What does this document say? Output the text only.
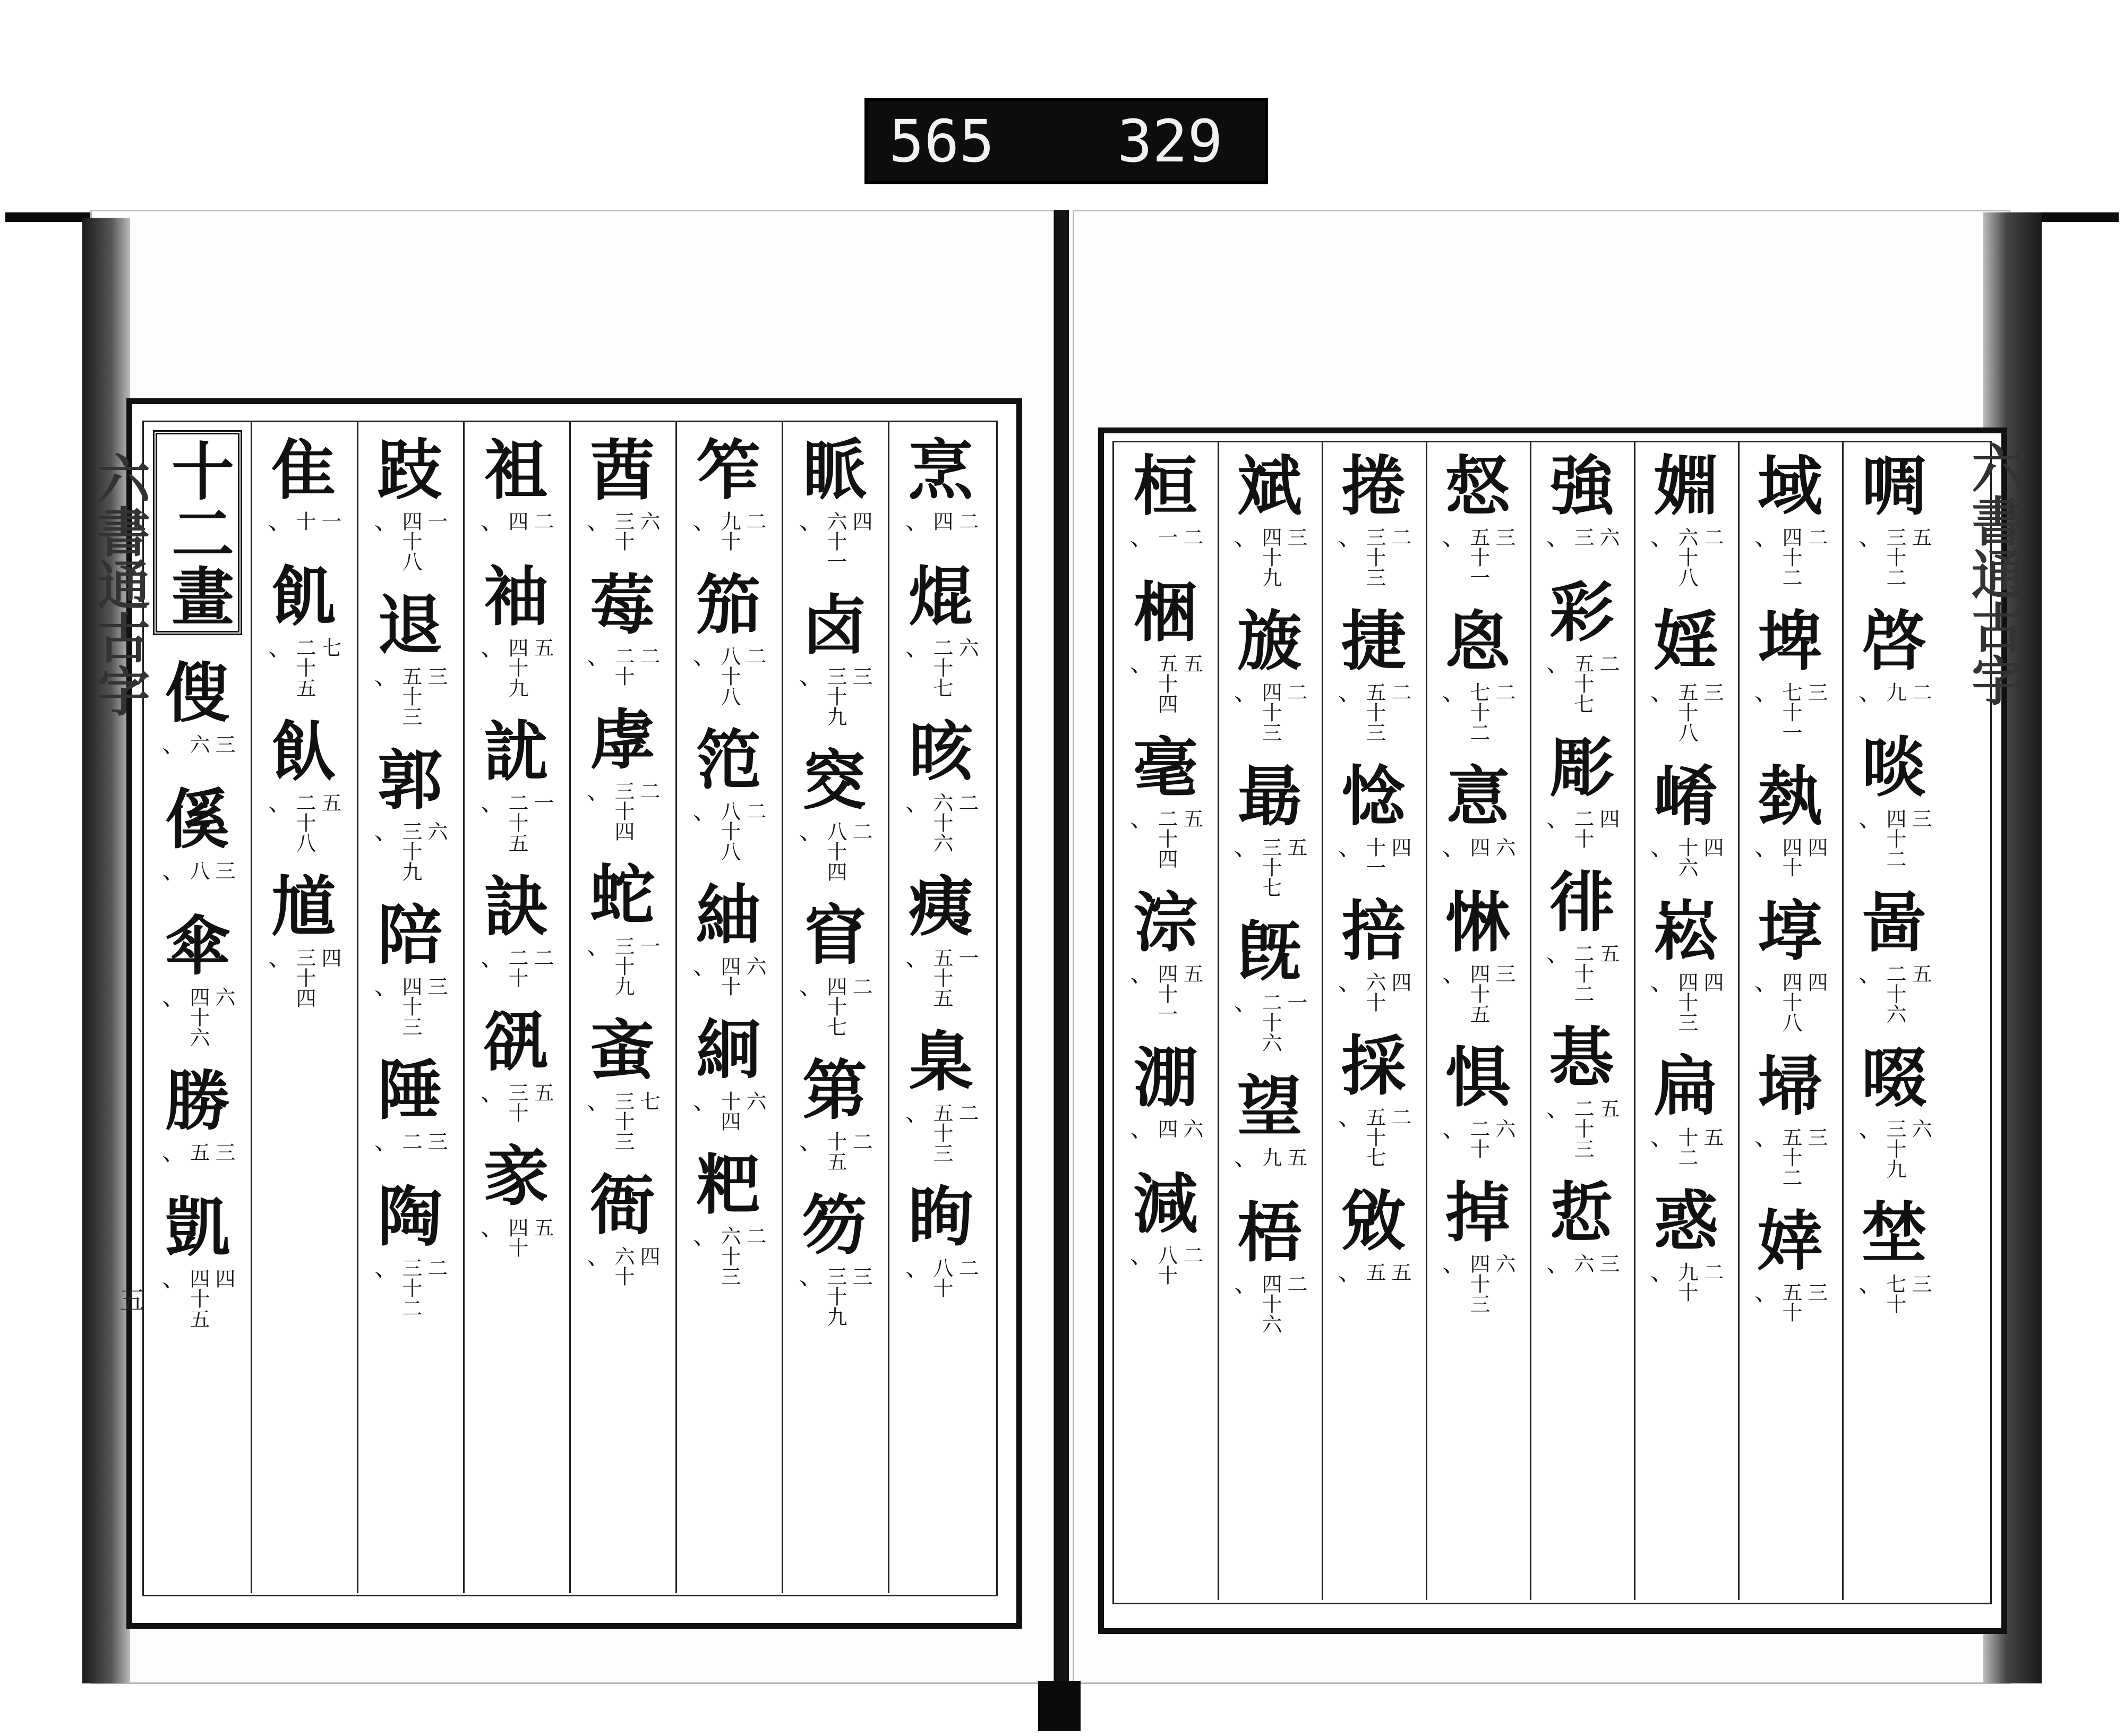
565 329
六書通古字	六書通古字
五
烹
、 四 二
焜
、 二十七 六
晐
、 六十六 二
痍
、 五十五 一
臬
、 五十三 二
眴
、 八十 二
眽
、 六十一 四
卤
、 三十九 三
窔
、 八十四 二
窅
、 四十七 二
第
、 十五 二
笏
、 三十九 三
笮
、 九十 二
笳
、 八十八 二
笵
、 八十八 二
紬
、 四十 六
絅
、 十四 六
粑
、 六十三 二
莤
、 三十 六
莓
、 二十 二
虖
、 三十四 二
蛇
、 三十九 一
蚉
、 三十三 七
衙
、 六十 四
袓
、 四 二
袖
、 四十九 五
訧
、 二十五 一
訣
、 二十 二
谻
、 三十 五
豙
、 四十 五
跂
、 四十八 一
退
、 五十三 三
郭
、 三十九 六
陪
、 四十三 三
陲
、 二 三
陶
、 三十二 二
隹
、 十 一
飢
、 二十五 七
飤
、 二十八 五
馗
、 三十四 四
十二畫
傁
、 六 三
傒
、 八 三
傘
、 四十六 六
勝
、 五 三
凱
、 四十五 四
啁
、 三十二 五
啓
、 九 二
啖
、 四十二 三
啚
、 二十六 五
啜
、 三十九 六
埜
、 七十 三
域
、 四十二 二
埤
、 七十一 三
埶
、 四十 四
埻
、 四十八 四
埽
、 五十二 三
婞
、 五十 三
婣
、 六十八 二
婬
、 五十八 三
崤
、 十六 四
崧
、 四十三 四
扁
、 十二 五
惑
、 九十 二
強
、 三 六
彩
、 五十七 二
彫
、 二十 四
徘
、 二十二 五
惎
、 二十三 五
悊
、 六 三
惄
、 五十一 三
恖
、 七十二 二
悥
、 四 六
惏
、 四十五 三
惧
、 二十 六
掉
、 四十三 六
捲
、 三十三 二
捷
、 五十三 二
惗
、 十一 四
掊
、 六十 四
採
、 五十七 二
敓
、 五 五
斌
、 四十九 三
旇
、 四十三 二
朂
、 三十七 五
旣
、 二十六 一
望
、 九 五
梧
、 四十六 二
桓
、 一 二
梱
、 五十四 五
毫
、 二十四 五
淙
、 四十一 五
淜
、 四 六
減
、 八十 二
